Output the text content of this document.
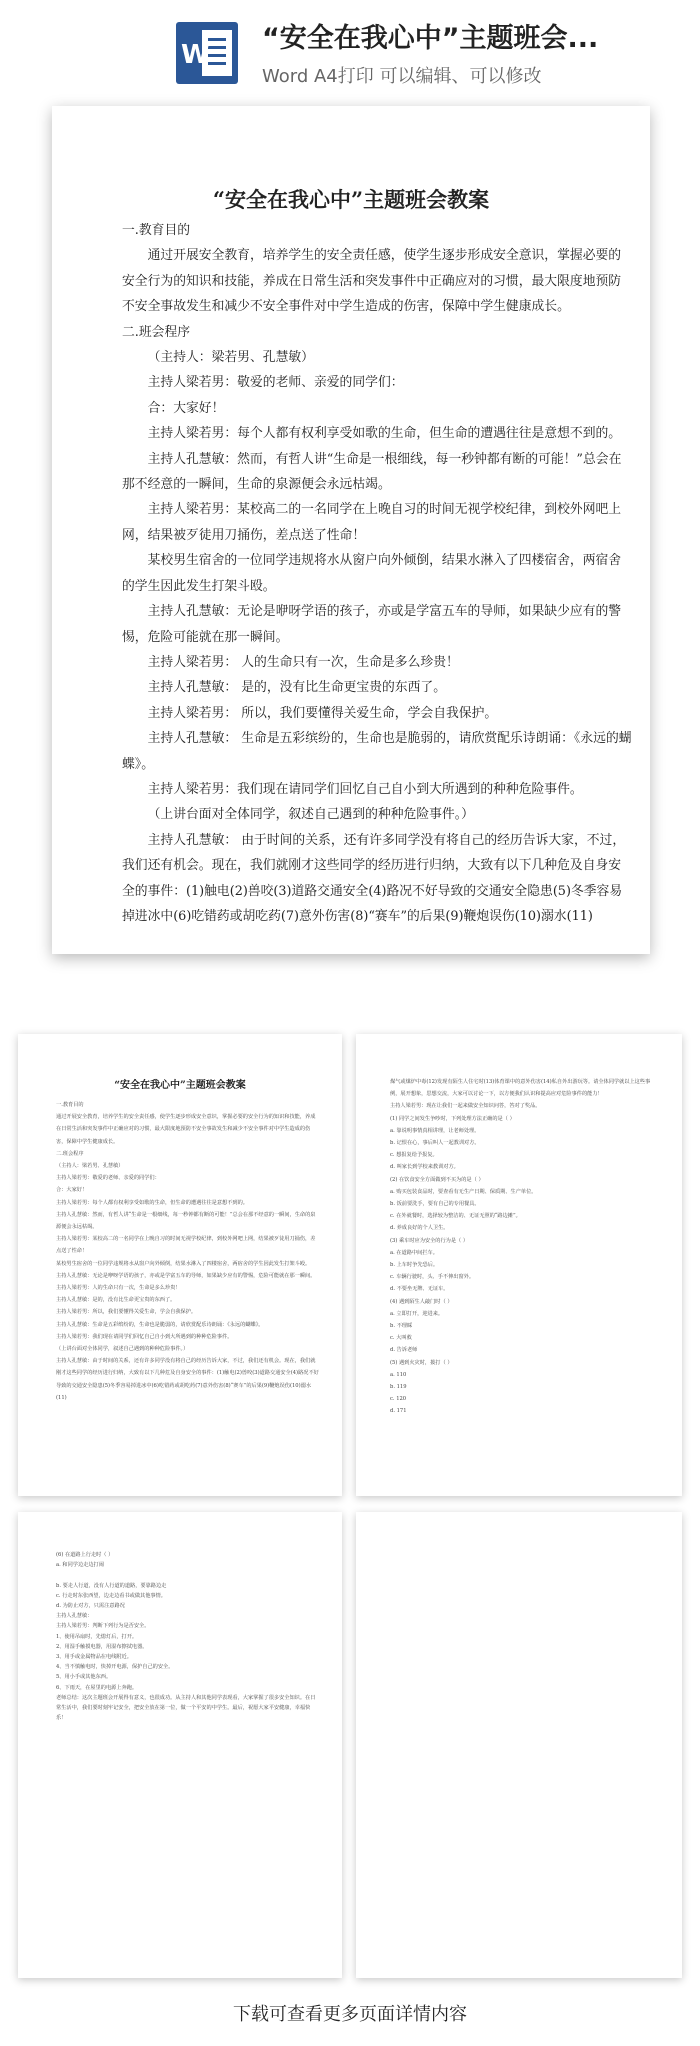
W
“安全在我心中”主题班会...
Word A4打印 可以编辑、可以修改
“安全在我心中”主题班会教案

一.教育目的

通过开展安全教育，培养学生的安全责任感，使学生逐步形成安全意识，掌握必要的安全行为的知识和技能，养成在日常生活和突发事件中正确应对的习惯，最大限度地预防不安全事故发生和减少不安全事件对中学生造成的伤害，保障中学生健康成长。

二.班会程序

（主持人：梁若男、孔慧敏）

主持人梁若男：敬爱的老师、亲爱的同学们：

合：大家好！

主持人梁若男：每个人都有权利享受如歌的生命，但生命的遭遇往往是意想不到的。

主持人孔慧敏：然而，有哲人讲“生命是一根细线，每一秒钟都有断的可能！”总会在那不经意的一瞬间，生命的泉源便会永远枯竭。

主持人梁若男：某校高二的一名同学在上晚自习的时间无视学校纪律，到校外网吧上网，结果被歹徒用刀捅伤，差点送了性命！

某校男生宿舍的一位同学违规将水从窗户向外倾倒，结果水淋入了四楼宿舍，两宿舍的学生因此发生打架斗殴。

主持人孔慧敏：无论是咿呀学语的孩子，亦或是学富五车的导师，如果缺少应有的警惕，危险可能就在那一瞬间。

主持人梁若男： 人的生命只有一次，生命是多么珍贵！

主持人孔慧敏： 是的，没有比生命更宝贵的东西了。

主持人梁若男： 所以，我们要懂得关爱生命，学会自我保护。

主持人孔慧敏： 生命是五彩缤纷的，生命也是脆弱的，请欣赏配乐诗朗诵：《永远的蝴蝶》。

主持人梁若男：我们现在请同学们回忆自己自小到大所遇到的种种危险事件。

（上讲台面对全体同学，叙述自己遇到的种种危险事件。）

主持人孔慧敏： 由于时间的关系，还有许多同学没有将自己的经历告诉大家，不过，我们还有机会。现在，我们就刚才这些同学的经历进行归纳，大致有以下几种危及自身安全的事件：(1)触电(2)兽咬(3)道路交通安全(4)路况不好导致的交通安全隐患(5)冬季容易掉进冰中(6)吃错药或胡吃药(7)意外伤害(8)“赛车”的后果(9)鞭炮误伤(10)溺水(11)

“安全在我心中”主题班会教案

一.教育目的

通过开展安全教育，培养学生的安全责任感，使学生逐步形成安全意识，掌握必要的安全行为的知识和技能，养成在日常生活和突发事件中正确应对的习惯，最大限度地预防不安全事故发生和减少不安全事件对中学生造成的伤害，保障中学生健康成长。

二.班会程序

（主持人：梁若男、孔慧敏）

主持人梁若男：敬爱的老师、亲爱的同学们：

合：大家好！

主持人梁若男：每个人都有权利享受如歌的生命，但生命的遭遇往往是意想不到的。

主持人孔慧敏：然而，有哲人讲“生命是一根细线，每一秒钟都有断的可能！”总会在那不经意的一瞬间，生命的泉源便会永远枯竭。

主持人梁若男：某校高二的一名同学在上晚自习的时间无视学校纪律，到校外网吧上网，结果被歹徒用刀捅伤，差点送了性命！

某校男生宿舍的一位同学违规将水从窗户向外倾倒，结果水淋入了四楼宿舍，两宿舍的学生因此发生打架斗殴。

主持人孔慧敏：无论是咿呀学语的孩子，亦或是学富五车的导师，如果缺少应有的警惕，危险可能就在那一瞬间。

主持人梁若男：人的生命只有一次，生命是多么珍贵！

主持人孔慧敏：是的，没有比生命更宝贵的东西了。

主持人梁若男：所以，我们要懂得关爱生命，学会自我保护。

主持人孔慧敏：生命是五彩缤纷的，生命也是脆弱的，请欣赏配乐诗朗诵：《永远的蝴蝶》。

主持人梁若男：我们现在请同学们回忆自己自小到大所遇到的种种危险事件。

（上讲台面对全体同学，叙述自己遇到的种种危险事件。）

主持人孔慧敏：由于时间的关系，还有许多同学没有将自己的经历告诉大家，不过，我们还有机会。现在，我们就刚才这些同学的经历进行归纳，大致有以下几种危及自身安全的事件：(1)触电(2)兽咬(3)道路交通安全(4)路况不好导致的交通安全隐患(5)冬季容易掉进冰中(6)吃错药或胡吃药(7)意外伤害(8)“赛车”的后果(9)鞭炮误伤(10)溺水(11)

煤气或煤炉中毒(12)发现有陌生人住宅时(13)体育课中的意外伤害(14)私自外出游玩等。请全体同学就以上这些事例，展开想象，思想交流，大家可以讨论一下，以方便我们认识和提高应对危险事件的能力！

主持人梁若男：现在让我们一起来做安全知识问答，答对了奖品。

(1) 同学之间发生争吵时，下列处理方法正确的是（ ）

a. 靠说明事情真相讲理，让老师处理。

b. 记恨在心，事后叫人一起教训对方。

c. 想报复给予报复。

d. 叫家长到学校来教训对方。

(2) 在饮食安全方面做到不买为的是（ ）

a. 购买包装食品时，要查看有无生产日期、保质期、生产单位。

b. 饭前要洗手，要有自己的专用餐具。

c. 在外就餐时，选择较为整洁的、无证无照的“路边摊”。

d. 养成良好的个人卫生。

(3) 乘车时应为安全的行为是（ ）

a. 在道路中间拦车。

b. 上车时争先恐后。

c. 车辆行驶时，头、手不伸出窗外。

d. 不要坐无牌、无证车。

(4) 遇到陌生人敲门时（ ）

a. 立即打开，迎进来。

b. 不理睬

c. 大叫救

d. 告诉老师

(5) 遇到火灾时，拨打（ ）

a. 110

b. 119

c. 120

d. 171

(6) 在道路上行走时（ ）

a. 和同学边走边打闹

b. 要走人行道，没有人行道的道路，要靠路边走

c. 行走时东张西望，边走边看书或做其他事情。

d. 为防止对方，只需注意路况

主持人孔慧敏：

主持人梁若男：判断下列行为是否安全。

1、使用吊扇时，先熄灯后，打开。

2、用湿手触摸电器，用湿布擦拭电器。

3、用手或金属物品在电线附近。

4、当不慎触电时，快掉开电源，保护自己的安全。

5、用小手或其他东西。

6、下雨天，在屋里的电源上奔跑。

老师总结：这次主题班会开展得有意义，也很成功。从主持人和其他同学表现看，大家掌握了很多安全知识。在日常生活中，我们要时刻牢记安全，把安全放在第一位，做一个平安的中学生。最后，祝愿大家平安健康，幸福快乐！

下载可查看更多页面详情内容
